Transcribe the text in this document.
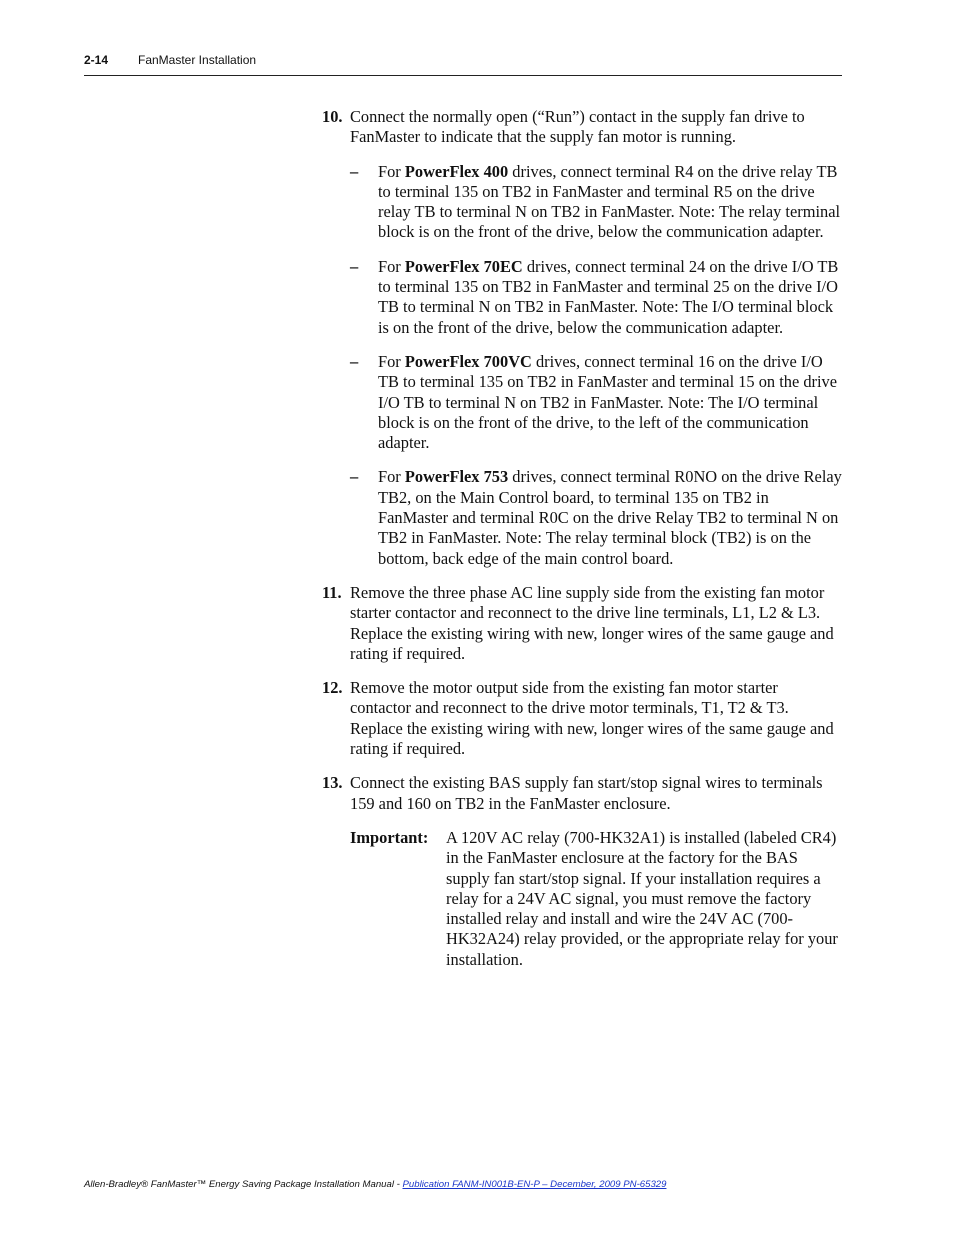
2-14 FanMaster Installation
10. Connect the normally open (“Run”) contact in the supply fan drive to FanMaster to indicate that the supply fan motor is running.
– For PowerFlex 400 drives, connect terminal R4 on the drive relay TB to terminal 135 on TB2 in FanMaster and terminal R5 on the drive relay TB to terminal N on TB2 in FanMaster. Note: The relay terminal block is on the front of the drive, below the communication adapter.
– For PowerFlex 70EC drives, connect terminal 24 on the drive I/O TB to terminal 135 on TB2 in FanMaster and terminal 25 on the drive I/O TB to terminal N on TB2 in FanMaster. Note: The I/O terminal block is on the front of the drive, below the communication adapter.
– For PowerFlex 700VC drives, connect terminal 16 on the drive I/O TB to terminal 135 on TB2 in FanMaster and terminal 15 on the drive I/O TB to terminal N on TB2 in FanMaster. Note: The I/O terminal block is on the front of the drive, to the left of the communication adapter.
– For PowerFlex 753 drives, connect terminal R0NO on the drive Relay TB2, on the Main Control board, to terminal 135 on TB2 in FanMaster and terminal R0C on the drive Relay TB2 to terminal N on TB2 in FanMaster. Note: The relay terminal block (TB2) is on the bottom, back edge of the main control board.
11. Remove the three phase AC line supply side from the existing fan motor starter contactor and reconnect to the drive line terminals, L1, L2 & L3. Replace the existing wiring with new, longer wires of the same gauge and rating if required.
12. Remove the motor output side from the existing fan motor starter contactor and reconnect to the drive motor terminals, T1, T2 & T3. Replace the existing wiring with new, longer wires of the same gauge and rating if required.
13. Connect the existing BAS supply fan start/stop signal wires to terminals 159 and 160 on TB2 in the FanMaster enclosure.
Important: A 120V AC relay (700-HK32A1) is installed (labeled CR4) in the FanMaster enclosure at the factory for the BAS supply fan start/stop signal. If your installation requires a relay for a 24V AC signal, you must remove the factory installed relay and install and wire the 24V AC (700-HK32A24) relay provided, or the appropriate relay for your installation.
Allen-Bradley® FanMaster™ Energy Saving Package Installation Manual - Publication FANM-IN001B-EN-P – December, 2009 PN-65329
